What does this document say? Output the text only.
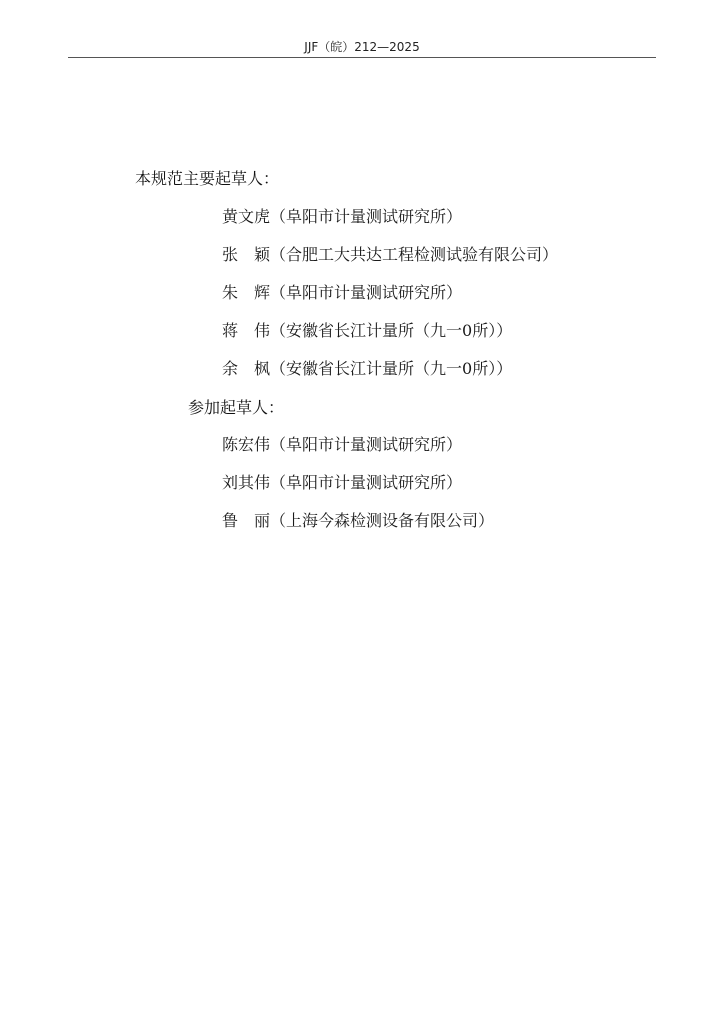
JJF（皖）212—2025
本规范主要起草人：
黄文虎（阜阳市计量测试研究所）
张　颖（合肥工大共达工程检测试验有限公司）
朱　辉（阜阳市计量测试研究所）
蒋　伟（安徽省长江计量所（九一0所））
余　枫（安徽省长江计量所（九一0所））
参加起草人：
陈宏伟（阜阳市计量测试研究所）
刘其伟（阜阳市计量测试研究所）
鲁　丽（上海今森检测设备有限公司）
